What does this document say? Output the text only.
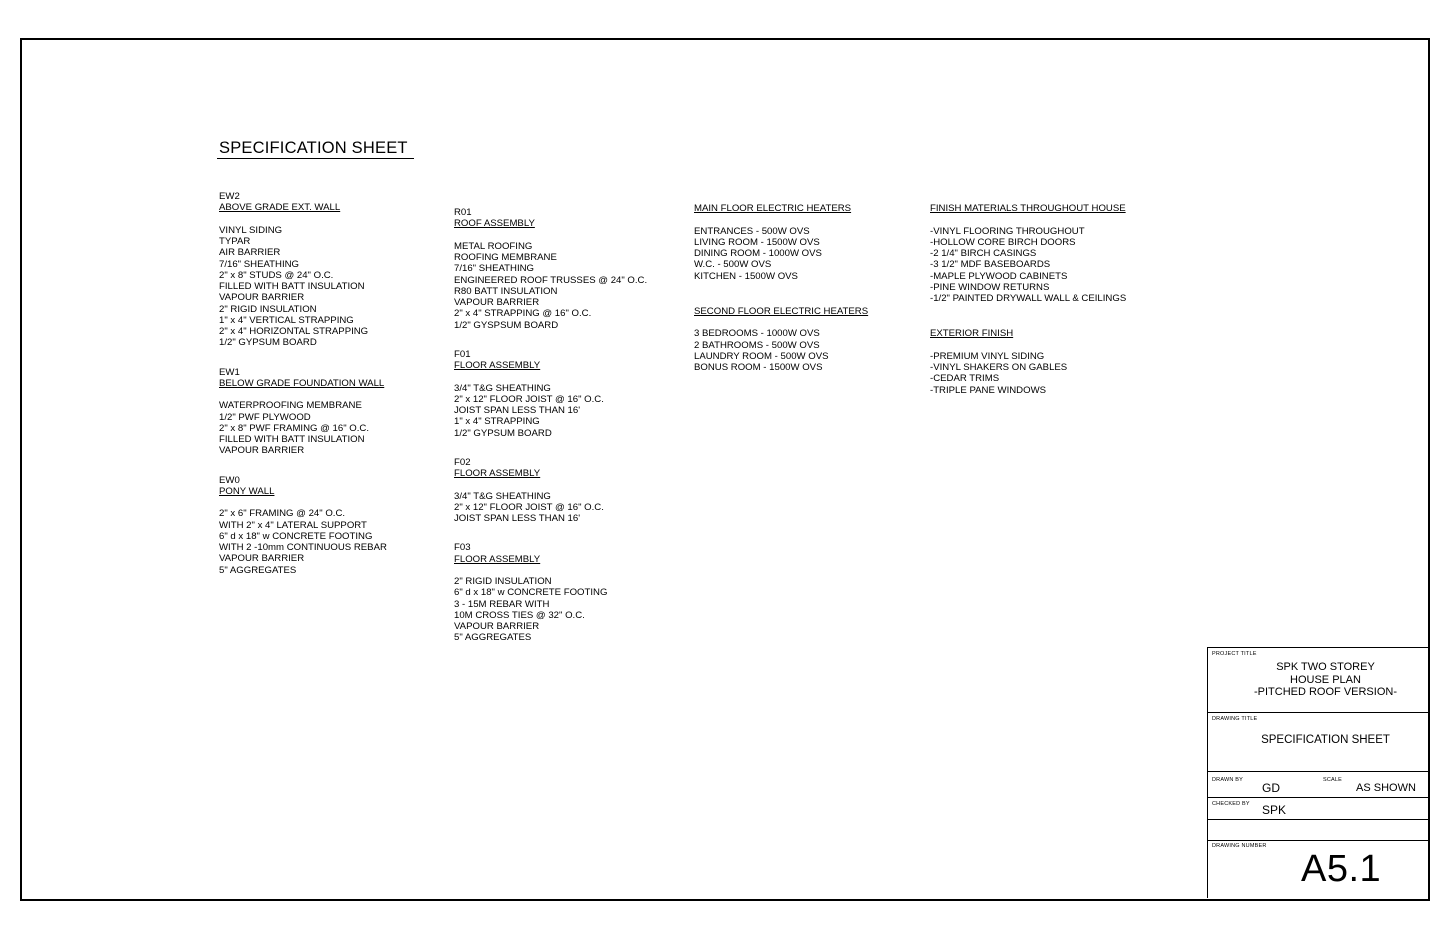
SPECIFICATION SHEET
EW2
ABOVE GRADE EXT. WALL
VINYL SIDING
TYPAR
AIR BARRIER
7/16" SHEATHING
2" x 8" STUDS @ 24" O.C.
FILLED WITH BATT INSULATION
VAPOUR BARRIER
2" RIGID INSULATION
1" x 4" VERTICAL STRAPPING
2" x 4" HORIZONTAL STRAPPING
1/2" GYPSUM BOARD
EW1
BELOW GRADE FOUNDATION WALL
WATERPROOFING MEMBRANE
1/2" PWF PLYWOOD
2" x 8" PWF FRAMING @ 16" O.C.
FILLED WITH BATT INSULATION
VAPOUR BARRIER
EW0
PONY WALL
2" x 6" FRAMING @ 24" O.C.
WITH 2" x 4" LATERAL SUPPORT
6" d x 18" w CONCRETE FOOTING
WITH 2 -10mm CONTINUOUS REBAR
VAPOUR BARRIER
5" AGGREGATES
R01
ROOF ASSEMBLY
METAL ROOFING
ROOFING MEMBRANE
7/16" SHEATHING
ENGINEERED ROOF TRUSSES @ 24" O.C.
R80 BATT INSULATION
VAPOUR BARRIER
2" x 4" STRAPPING @ 16" O.C.
1/2" GYSPSUM BOARD
F01
FLOOR ASSEMBLY
3/4" T&G SHEATHING
2" x 12" FLOOR JOIST @ 16" O.C.
JOIST SPAN LESS THAN 16'
1" x 4" STRAPPING
1/2" GYPSUM BOARD
F02
FLOOR ASSEMBLY
3/4" T&G SHEATHING
2" x 12" FLOOR JOIST @ 16" O.C.
JOIST SPAN LESS THAN 16'
F03
FLOOR ASSEMBLY
2" RIGID INSULATION
6" d x 18" w CONCRETE FOOTING
3 - 15M REBAR WITH
10M CROSS TIES @ 32" O.C.
VAPOUR BARRIER
5" AGGREGATES
MAIN FLOOR ELECTRIC HEATERS
ENTRANCES - 500W OVS
LIVING ROOM - 1500W OVS
DINING ROOM - 1000W OVS
W.C. - 500W OVS
KITCHEN - 1500W OVS
SECOND FLOOR ELECTRIC HEATERS
3 BEDROOMS - 1000W OVS
2 BATHROOMS - 500W OVS
LAUNDRY ROOM - 500W OVS
BONUS ROOM - 1500W OVS
FINISH MATERIALS THROUGHOUT HOUSE
-VINYL FLOORING THROUGHOUT
-HOLLOW CORE BIRCH DOORS
-2 1/4" BIRCH CASINGS
-3 1/2" MDF BASEBOARDS
-MAPLE PLYWOOD CABINETS
-PINE WINDOW RETURNS
-1/2" PAINTED DRYWALL WALL & CEILINGS
EXTERIOR FINISH
-PREMIUM VINYL SIDING
-VINYL SHAKERS ON GABLES
-CEDAR TRIMS
-TRIPLE PANE WINDOWS
PROJECT TITLE
SPK TWO STOREY
HOUSE PLAN
-PITCHED ROOF VERSION-
DRAWING TITLE
SPECIFICATION SHEET
DRAWN BY
GD
SCALE
AS SHOWN
CHECKED BY SPK
DRAWING NUMBER
A5.1
